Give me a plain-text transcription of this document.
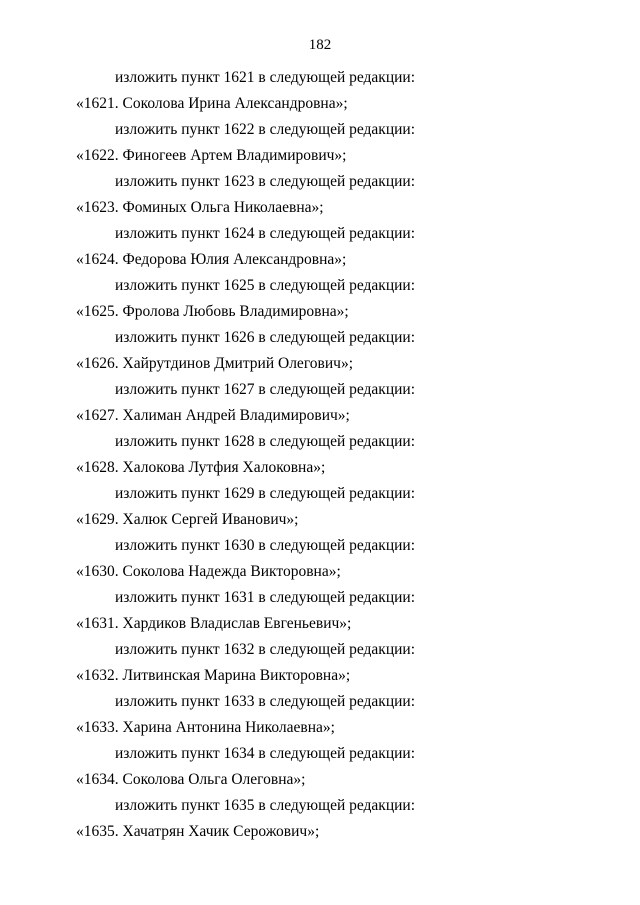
182
изложить пункт 1621 в следующей редакции:
«1621. Соколова Ирина Александровна»;
изложить пункт 1622 в следующей редакции:
«1622. Финогеев Артем Владимирович»;
изложить пункт 1623 в следующей редакции:
«1623. Фоминых Ольга Николаевна»;
изложить пункт 1624 в следующей редакции:
«1624. Федорова Юлия Александровна»;
изложить пункт 1625 в следующей редакции:
«1625. Фролова Любовь Владимировна»;
изложить пункт 1626 в следующей редакции:
«1626. Хайрутдинов Дмитрий Олегович»;
изложить пункт 1627 в следующей редакции:
«1627. Халиман Андрей Владимирович»;
изложить пункт 1628 в следующей редакции:
«1628. Халокова Лутфия Халоковна»;
изложить пункт 1629 в следующей редакции:
«1629. Халюк Сергей Иванович»;
изложить пункт 1630 в следующей редакции:
«1630. Соколова Надежда Викторовна»;
изложить пункт 1631 в следующей редакции:
«1631. Хардиков Владислав Евгеньевич»;
изложить пункт 1632 в следующей редакции:
«1632. Литвинская Марина Викторовна»;
изложить пункт 1633 в следующей редакции:
«1633. Харина Антонина Николаевна»;
изложить пункт 1634 в следующей редакции:
«1634. Соколова Ольга Олеговна»;
изложить пункт 1635 в следующей редакции:
«1635. Хачатрян Хачик Серожович»;
